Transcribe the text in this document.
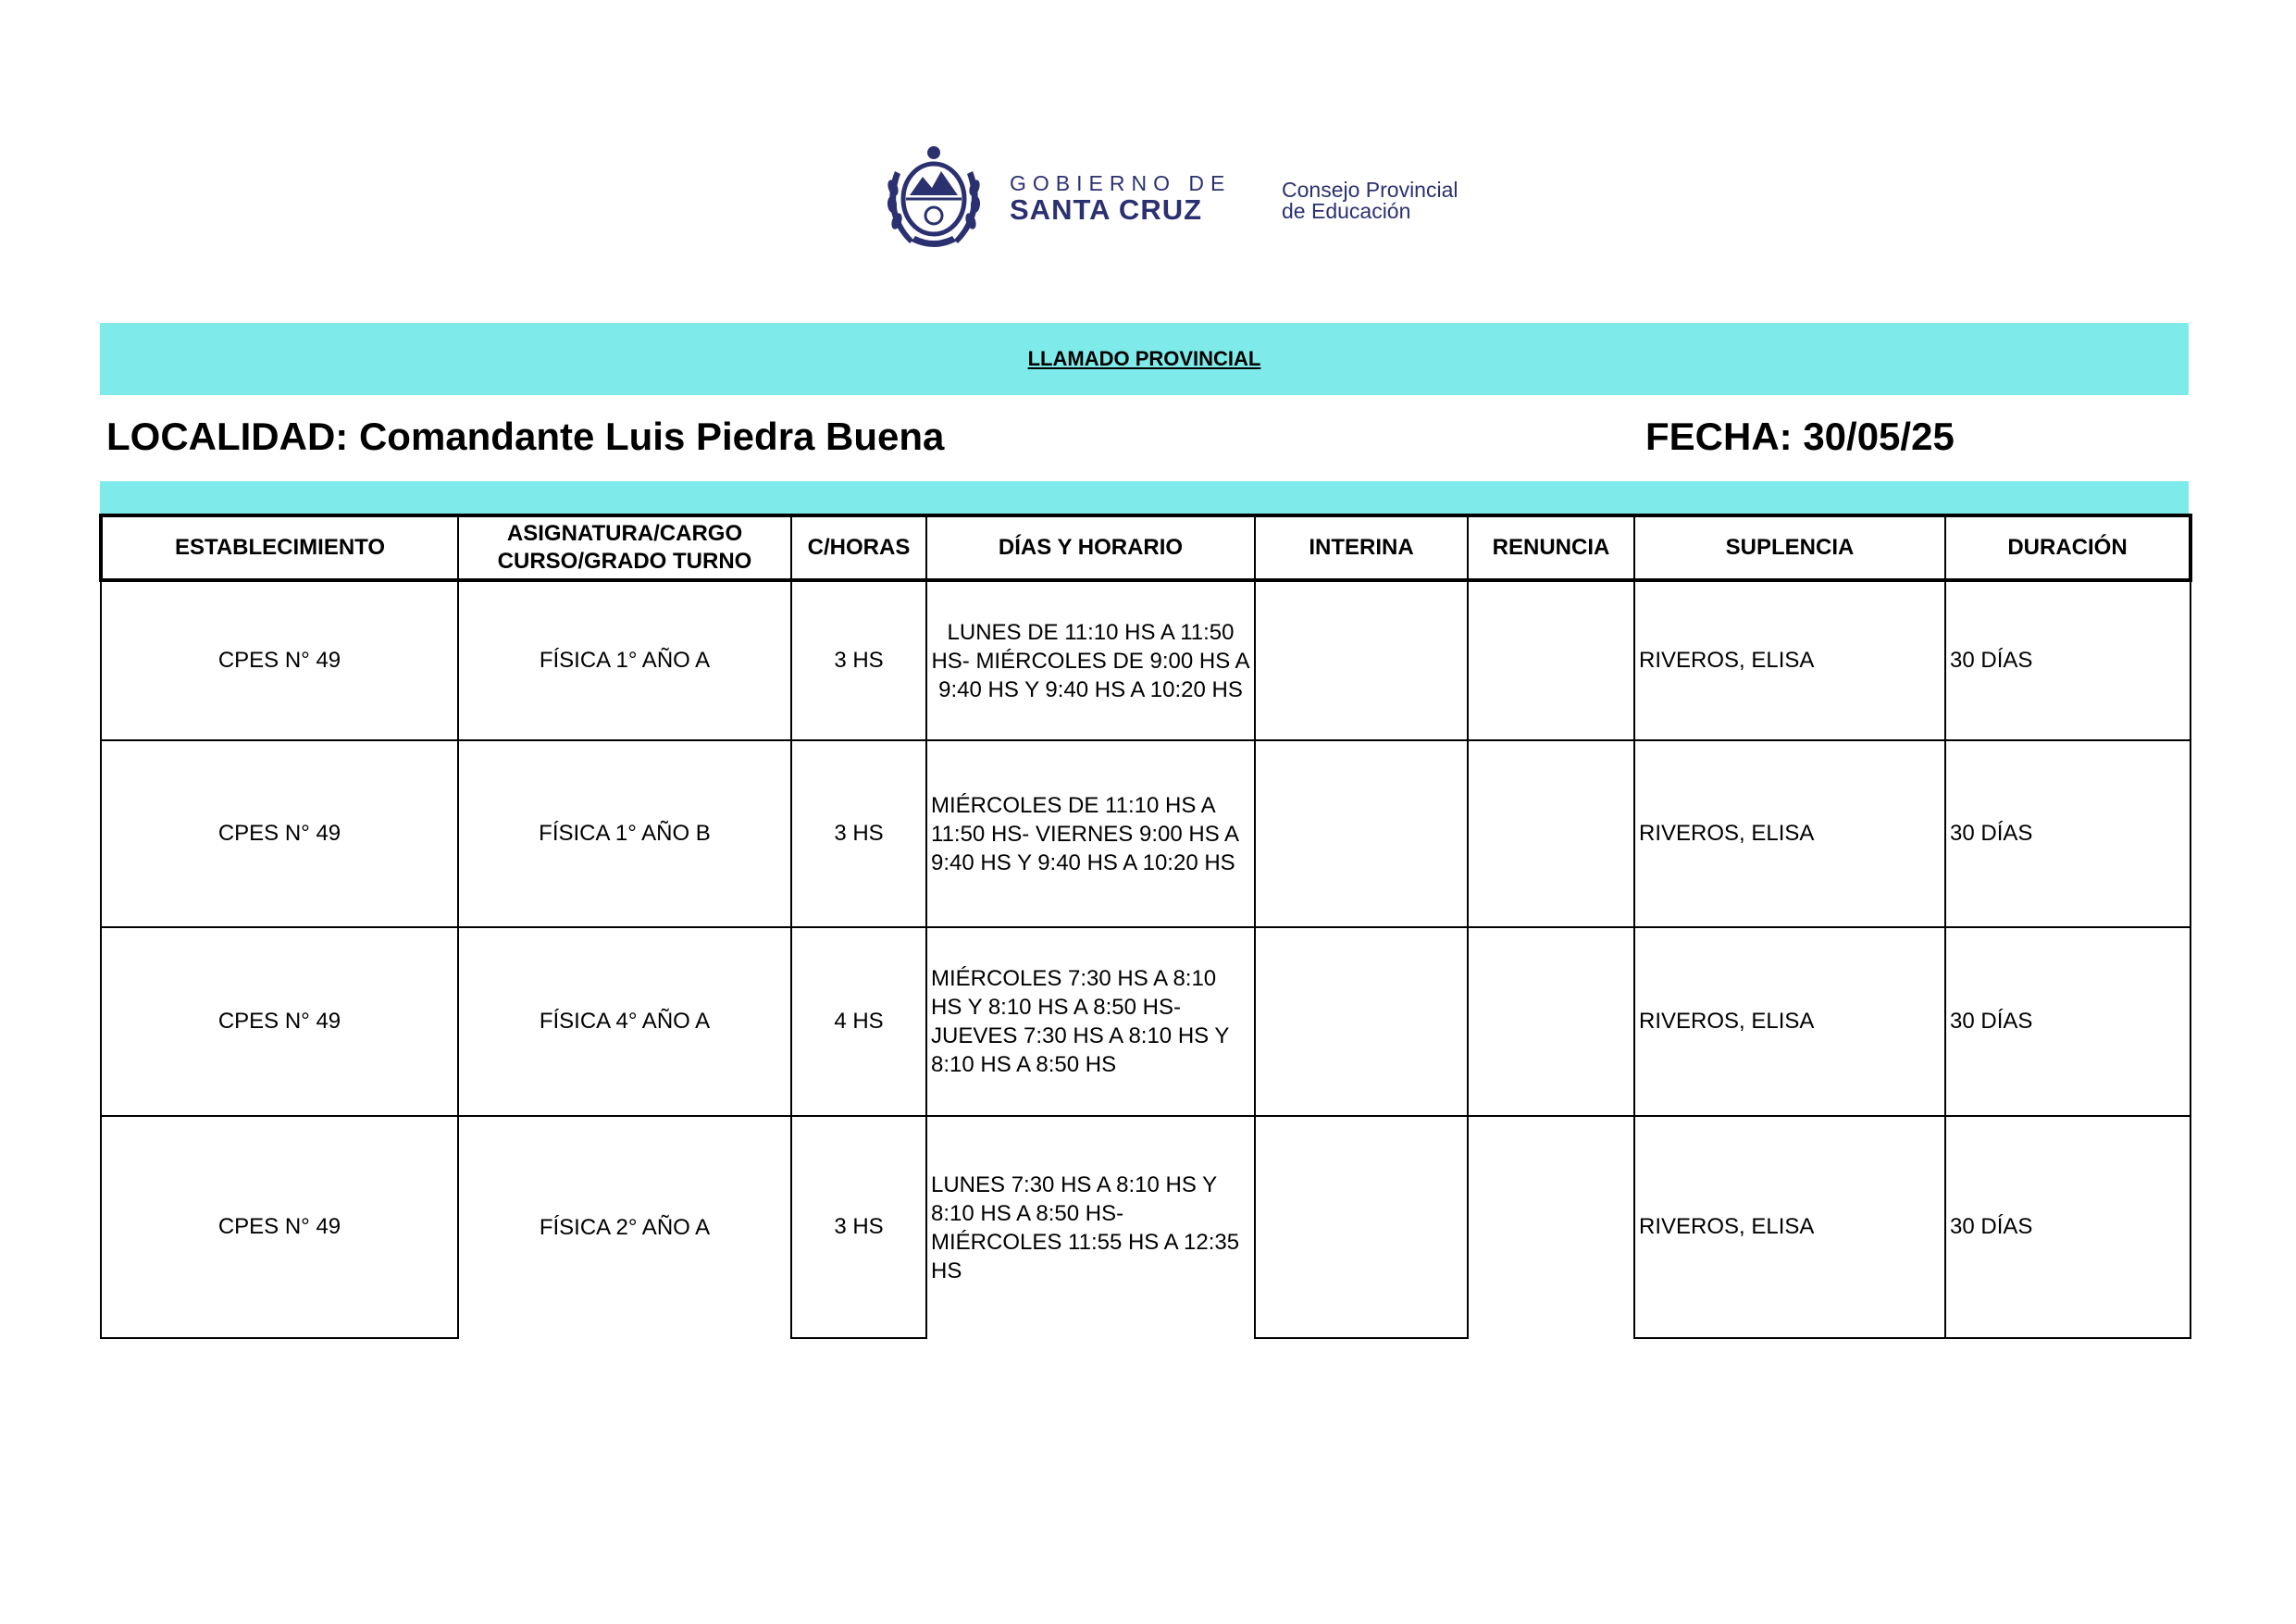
GOBIERNO DE
SANTA CRUZ
Consejo Provincial
de Educación
LLAMADO PROVINCIAL
LOCALIDAD: Comandante Luis Piedra Buena	FECHA: 30/05/25
ESTABLECIMIENTO	ASIGNATURA/CARGO CURSO/GRADO TURNO	C/HORAS	DÍAS Y HORARIO	INTERINA	RENUNCIA	SUPLENCIA	DURACIÓN
CPES N° 49	FÍSICA 1° AÑO A	3 HS	LUNES DE 11:10 HS A 11:50 HS- MIÉRCOLES DE 9:00 HS A 9:40 HS Y 9:40 HS A 10:20 HS			RIVEROS, ELISA	30 DÍAS
CPES N° 49	FÍSICA 1° AÑO B	3 HS	MIÉRCOLES DE 11:10 HS A 11:50 HS- VIERNES 9:00 HS A 9:40 HS Y 9:40 HS A 10:20 HS			RIVEROS, ELISA	30 DÍAS
CPES N° 49	FÍSICA 4° AÑO A	4 HS	MIÉRCOLES 7:30 HS A 8:10 HS Y 8:10 HS A 8:50 HS- JUEVES 7:30 HS A 8:10 HS Y 8:10 HS A 8:50 HS			RIVEROS, ELISA	30 DÍAS
CPES N° 49	FÍSICA 2° AÑO A	3 HS	LUNES 7:30 HS A 8:10 HS Y 8:10 HS A 8:50 HS- MIÉRCOLES 11:55 HS A 12:35 HS			RIVEROS, ELISA	30 DÍAS
